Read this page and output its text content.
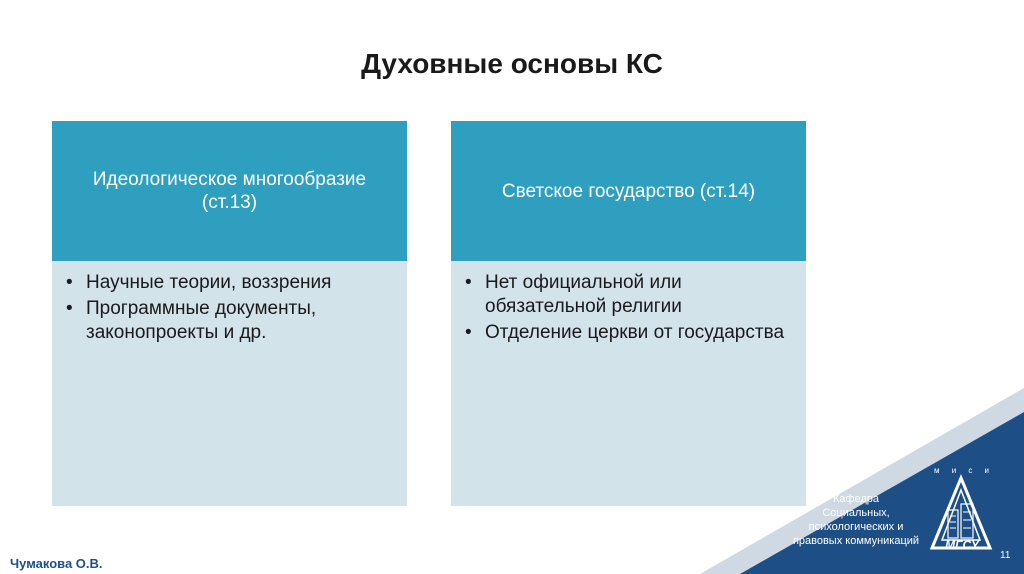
Духовные основы КС
Идеологическое многообразие (ст.13)
• Научные теории, воззрения
• Программные документы, законопроекты и др.
Светское государство (ст.14)
• Нет официальной или обязательной религии
• Отделение церкви от государства
Кафедра
Социальных,
психологических и
правовых коммуникаций
м и с и
МГСУ
11
Чумакова О.В.
